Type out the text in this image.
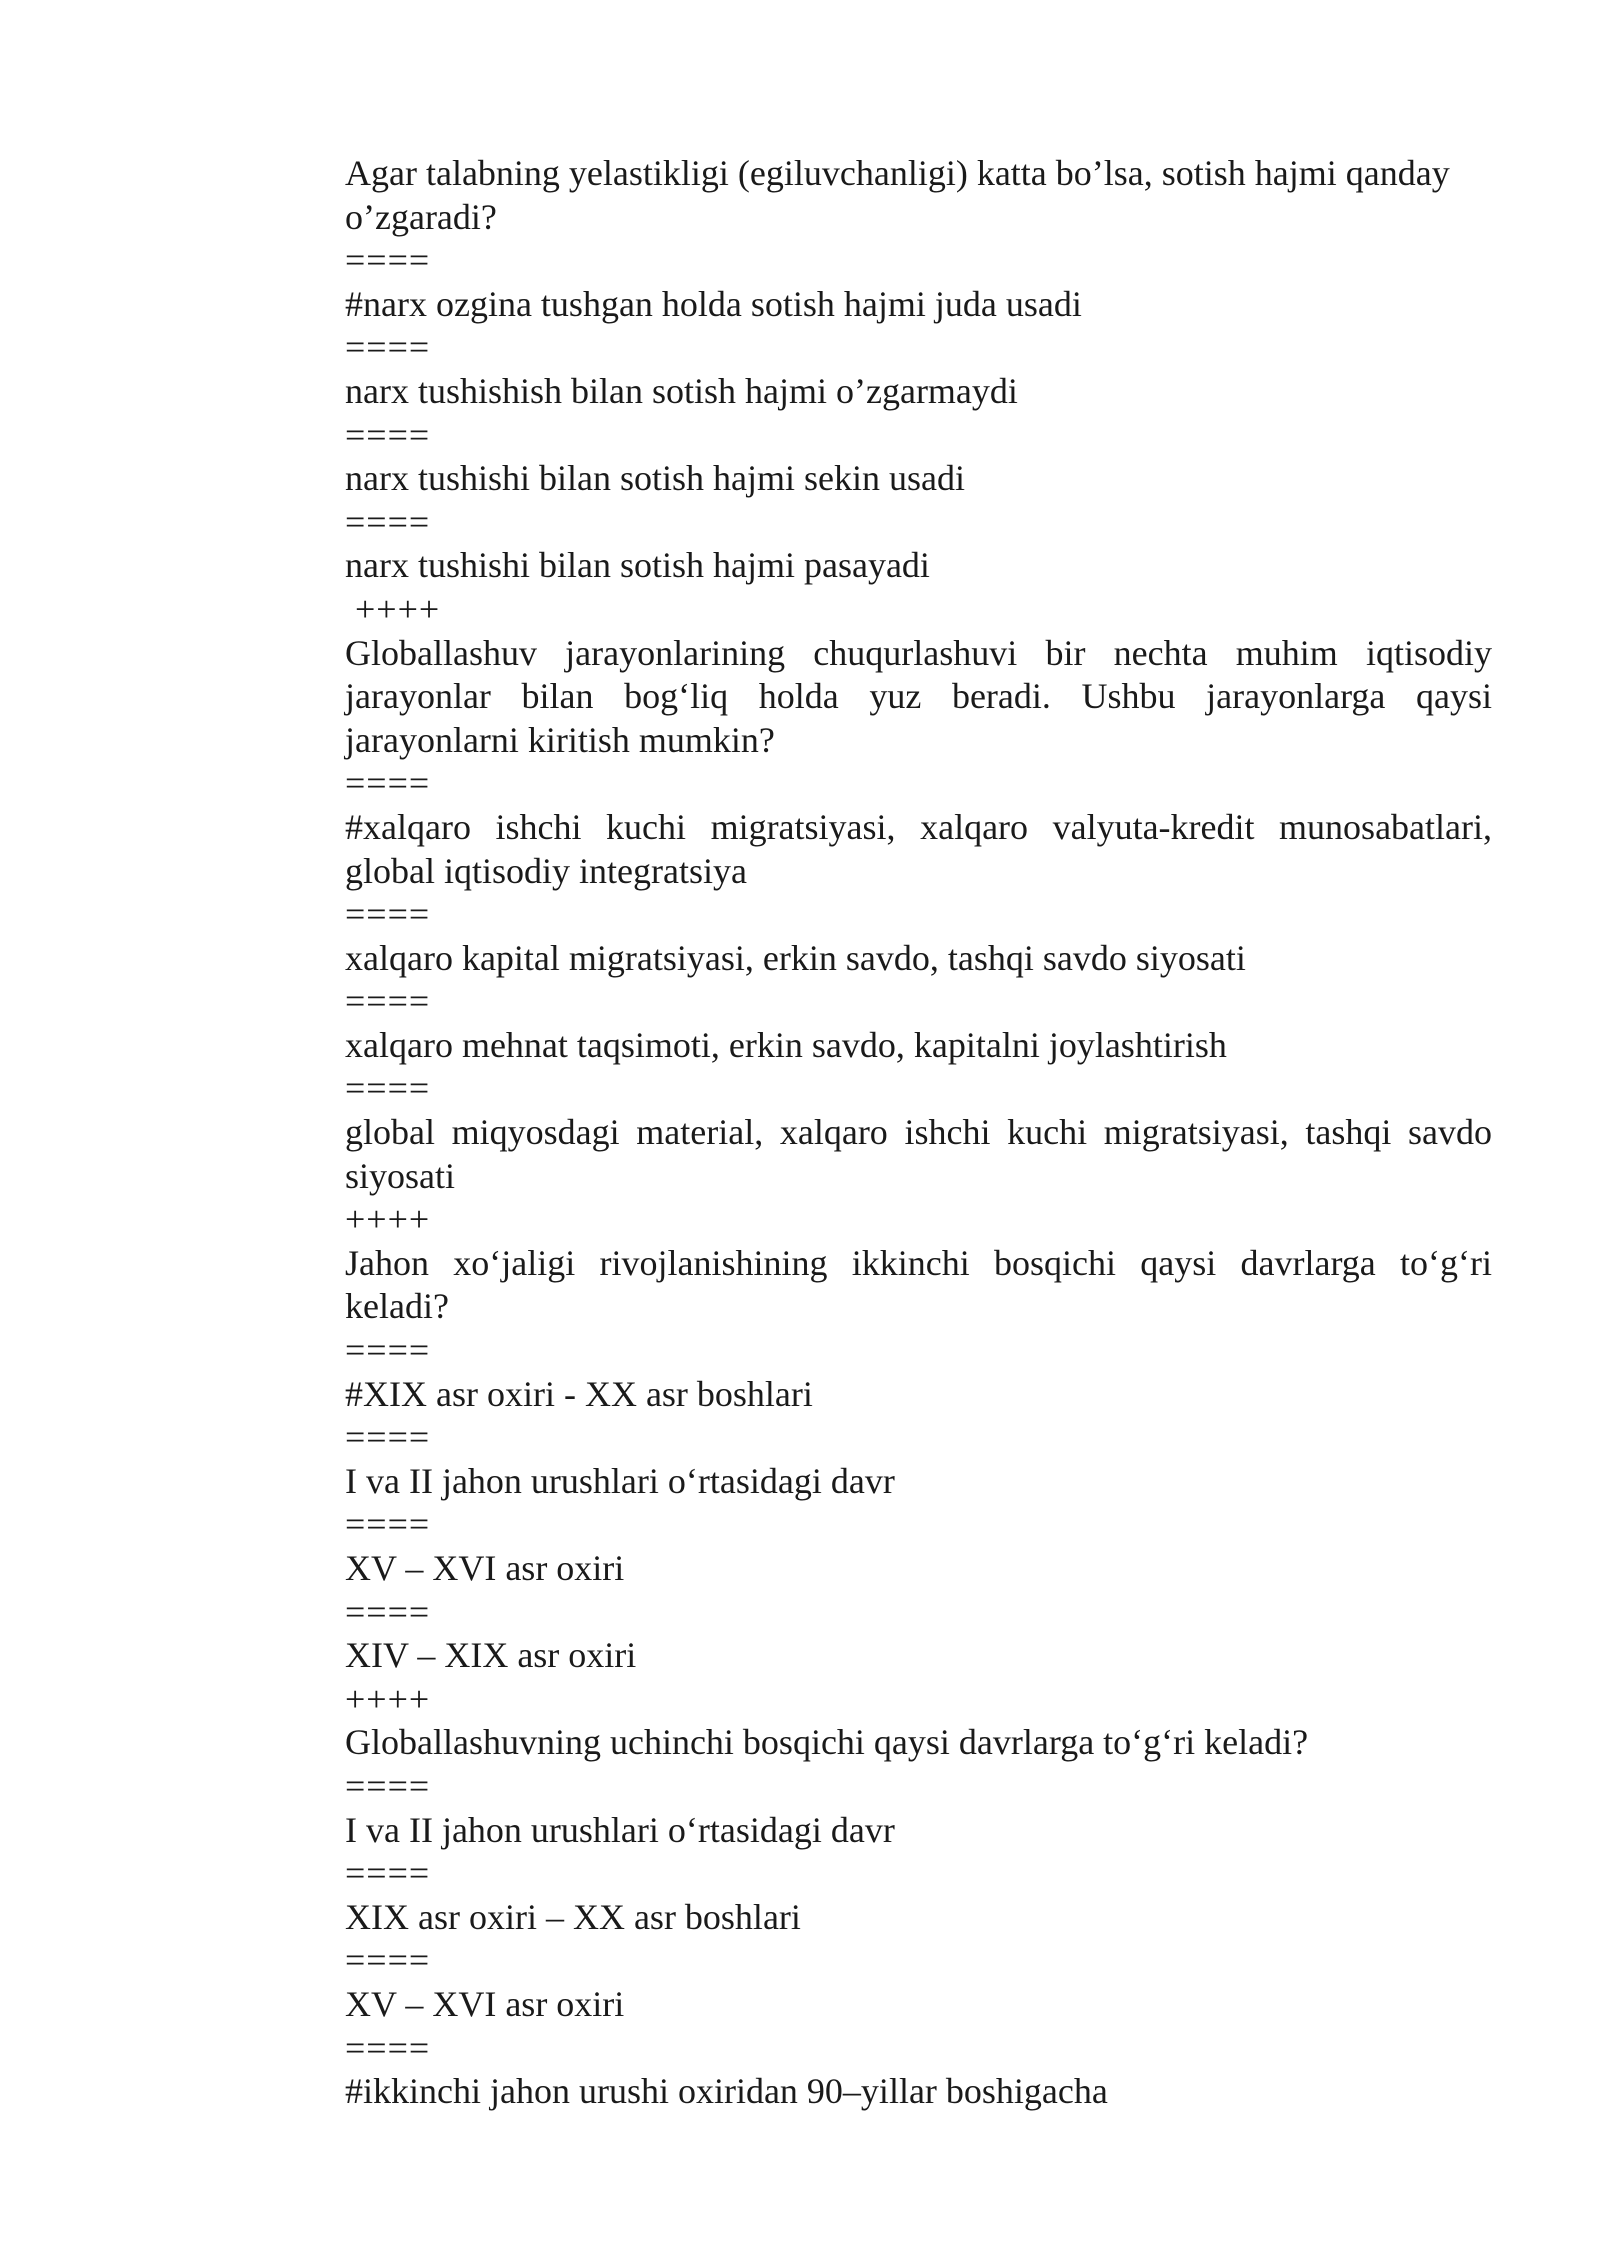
Agar talabning yelastikligi (egiluvchanligi) katta bo’lsa, sotish hajmi qanday o’zgaradi?
====
#narx ozgina tushgan holda sotish hajmi juda usadi
====
narx tushishish bilan sotish hajmi o’zgarmaydi
====
narx tushishi bilan sotish hajmi sekin usadi
====
narx tushishi bilan sotish hajmi pasayadi
++++
Globallashuv jarayonlarining chuqurlashuvi bir nechta muhim iqtisodiy jarayonlar bilan bog‘liq holda yuz beradi. Ushbu jarayonlarga qaysi jarayonlarni kiritish mumkin?
====
#xalqaro ishchi kuchi migratsiyasi, xalqaro valyuta-kredit munosabatlari, global iqtisodiy integratsiya
====
xalqaro kapital migratsiyasi, erkin savdo, tashqi savdo siyosati
====
xalqaro mehnat taqsimoti, erkin savdo, kapitalni joylashtirish
====
global miqyosdagi material, xalqaro ishchi kuchi migratsiyasi, tashqi savdo siyosati
++++
Jahon xo‘jaligi rivojlanishining ikkinchi bosqichi qaysi davrlarga to‘g‘ri keladi?
====
#XIX asr oxiri - XX asr boshlari
====
I va II jahon urushlari o‘rtasidagi davr
====
XV – XVI asr oxiri
====
XIV – XIX asr oxiri
++++
Globallashuvning uchinchi bosqichi qaysi davrlarga to‘g‘ri keladi?
====
I va II jahon urushlari o‘rtasidagi davr
====
XIX asr oxiri – XX asr boshlari
====
XV – XVI asr oxiri
====
#ikkinchi jahon urushi oxiridan 90–yillar boshigacha
